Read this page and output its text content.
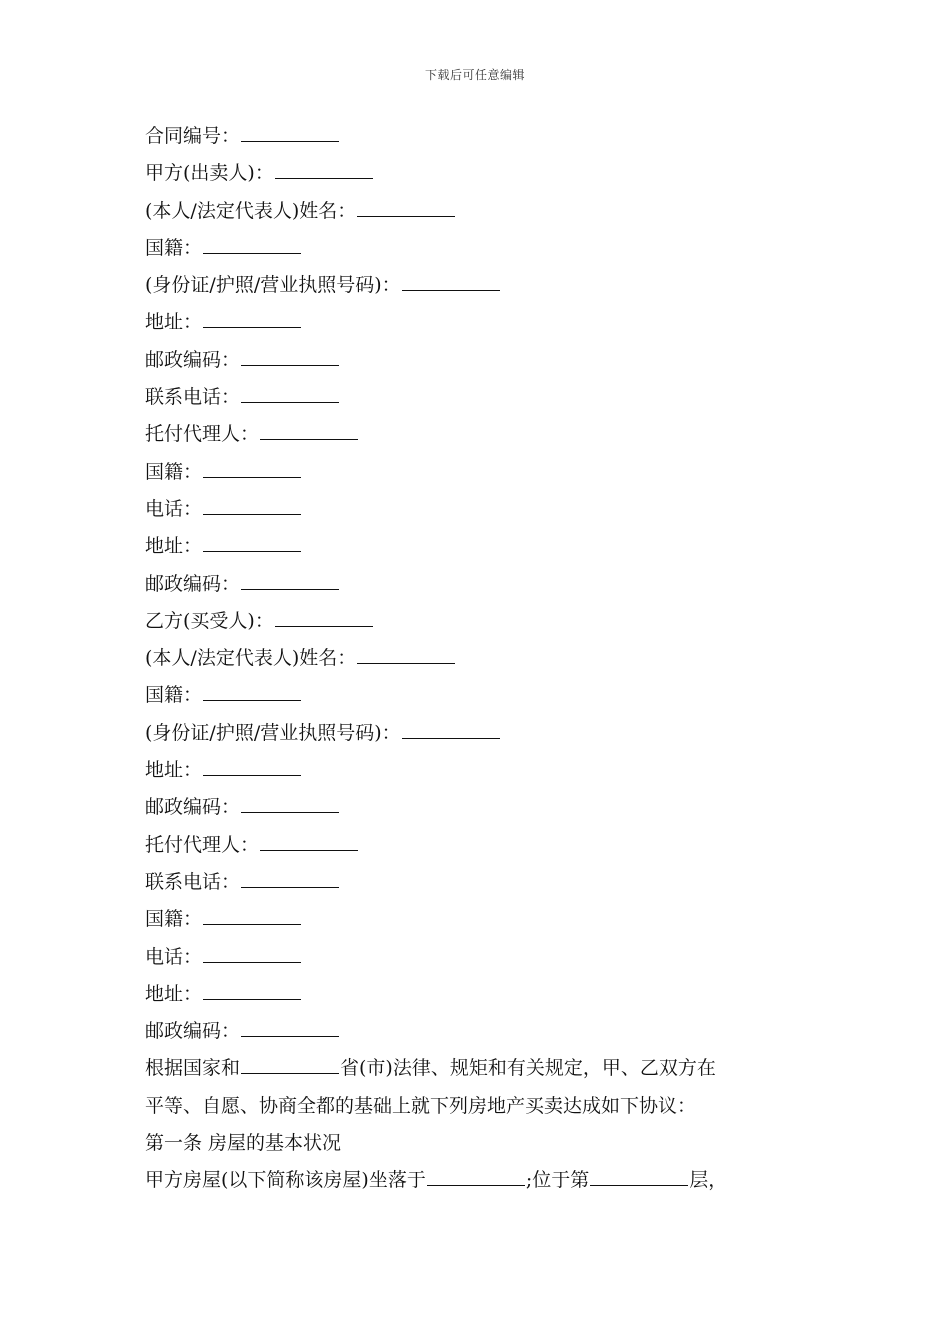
下载后可任意编辑
合同编号：
甲方(出卖人)：
(本人/法定代表人)姓名：
国籍：
(身份证/护照/营业执照号码)：
地址：
邮政编码：
联系电话：
托付代理人：
国籍：
电话：
地址：
邮政编码：
乙方(买受人)：
(本人/法定代表人)姓名：
国籍：
(身份证/护照/营业执照号码)：
地址：
邮政编码：
托付代理人：
联系电话：
国籍：
电话：
地址：
邮政编码：
根据国家和	省(市)法律、规矩和有关规定，甲、乙双方在
平等、自愿、协商全都的基础上就下列房地产买卖达成如下协议：
第一条 房屋的基本状况
甲方房屋(以下简称该房屋)坐落于	;位于第	层，
